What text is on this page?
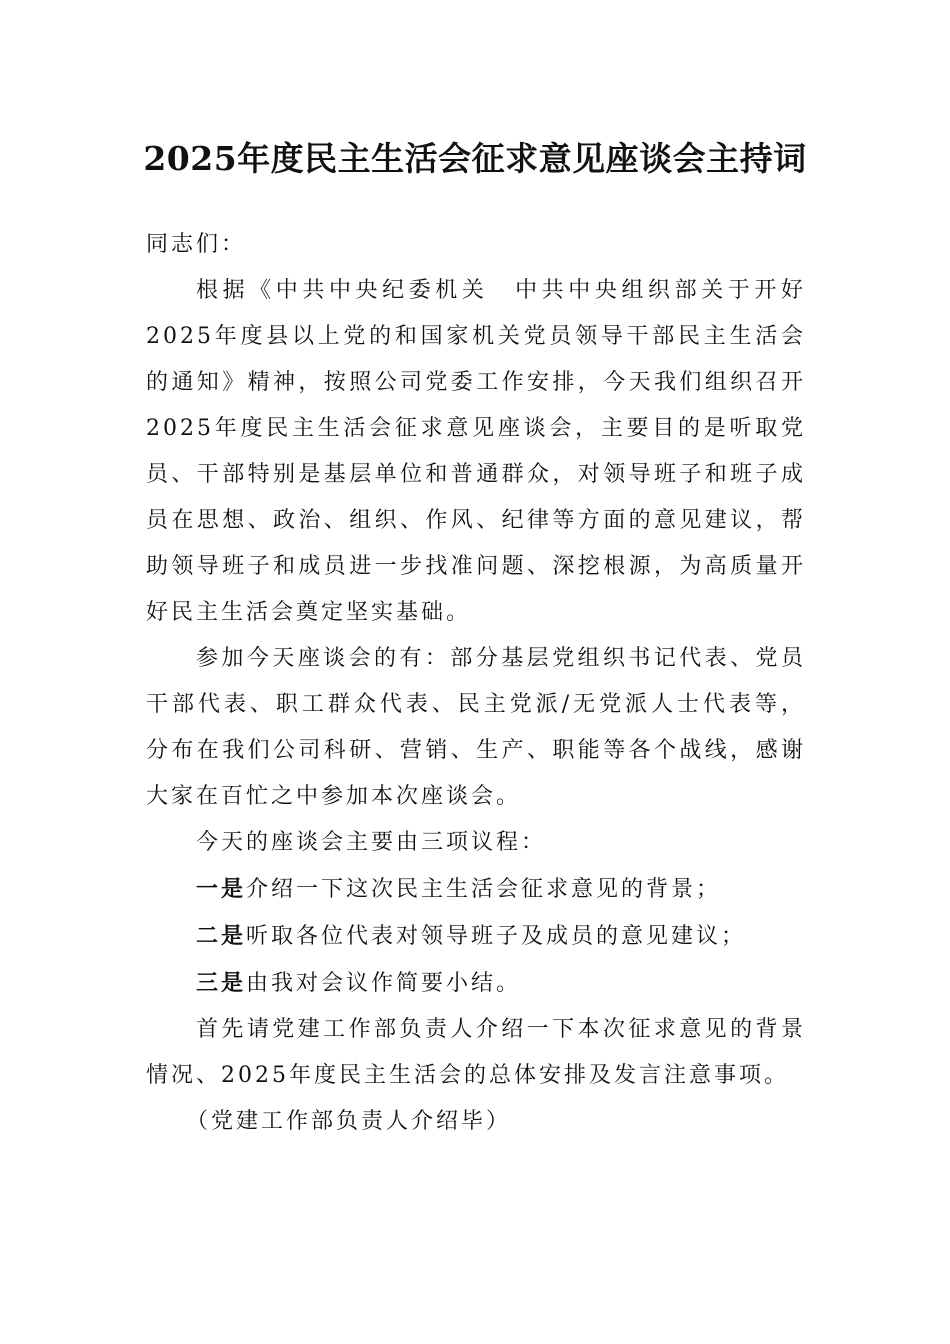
2025年度民主生活会征求意见座谈会主持词

同志们：

根据《中共中央纪委机关　中共中央组织部关于开好2025年度县以上党的和国家机关党员领导干部民主生活会的通知》精神，按照公司党委工作安排，今天我们组织召开2025年度民主生活会征求意见座谈会，主要目的是听取党员、干部特别是基层单位和普通群众，对领导班子和班子成员在思想、政治、组织、作风、纪律等方面的意见建议，帮助领导班子和成员进一步找准问题、深挖根源，为高质量开好民主生活会奠定坚实基础。

参加今天座谈会的有：部分基层党组织书记代表、党员干部代表、职工群众代表、民主党派/无党派人士代表等，分布在我们公司科研、营销、生产、职能等各个战线，感谢大家在百忙之中参加本次座谈会。

今天的座谈会主要由三项议程：

一是介绍一下这次民主生活会征求意见的背景；

二是听取各位代表对领导班子及成员的意见建议；

三是由我对会议作简要小结。

首先请党建工作部负责人介绍一下本次征求意见的背景情况、2025年度民主生活会的总体安排及发言注意事项。

（党建工作部负责人介绍毕）
